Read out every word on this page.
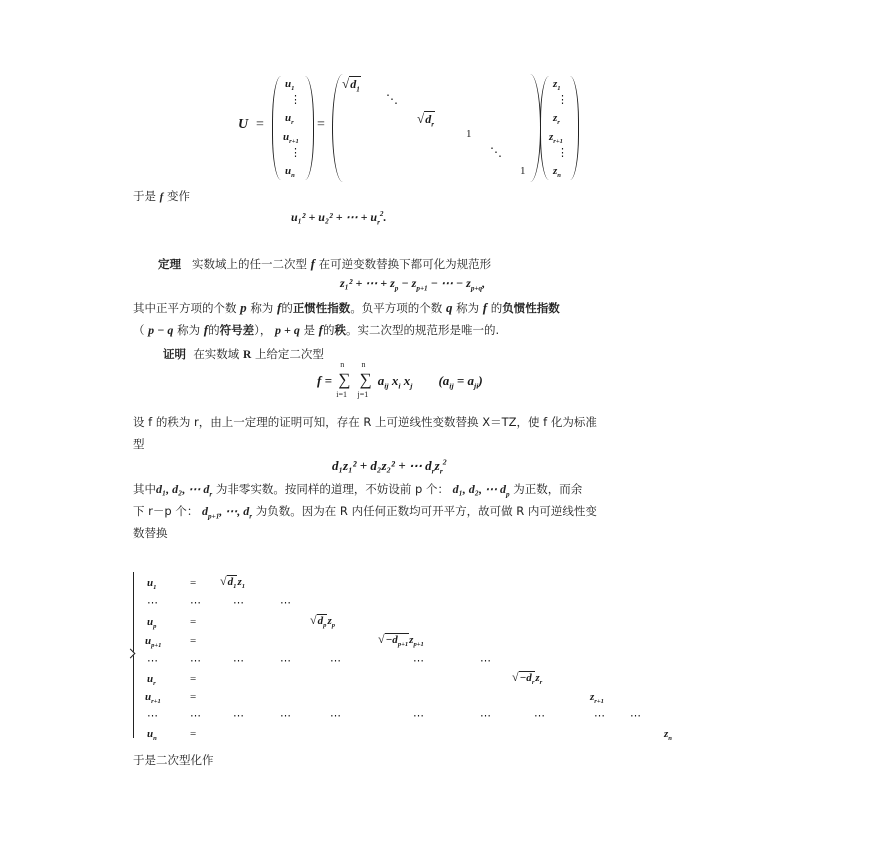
U =
$u_1$
⋮
$u_r$
$u_{r+1}$
⋮
$u_n$
=
$√d_1$
⋱
$√d_r$
1
⋱
1
$z_1$
⋮
$z_r$
$z_{r+1}$
⋮
$z_n$
于是 f 变作
u₁² + u₂² + ⋯ + $u_r^2$.
定理 实数域上的任一二次型 f 在可逆变数替换下都可化为规范形
z₁² + ⋯ + $z_p - z_{p+1}$ − ⋯ − $z_{p+q}$,
其中正平方项的个数 p 称为 f的正惯性指数。负平方项的个数 q 称为 f 的负惯性指数
（ p − q 称为 f的符号差）， p + q 是 f的秩。实二次型的规范形是唯一的.
证明 在实数域 R 上给定二次型
f =
n
∑
i=1

n
∑
j=1
$a_{ij}$ $x_i$ $x_j$ $(a_{ij} = a_{ji})$
设 f 的秩为 r，由上一定理的证明可知，存在 R 上可逆线性变数替换 X＝TZ，使 f 化为标准
型
d₁z₁² + d₂z₂² + ⋯ $d_rz_r^2$
其中d₁, d₂, ⋯ $d_r$ 为非零实数。按同样的道理，不妨设前 p 个： d₁, d₂, ⋯ $d_p$ 为正数，而余
下 r－p 个： $d_{p+1}$, ⋯, $d_r$ 为负数。因为在 R 内任何正数均可开平方，故可做 R 内可逆线性变
数替换
$u_1$	= $√d_1z_1$
⋯	⋯	⋯	⋯
$u_p$	=	$√d_pz_p$
$u_{p+1}$	=	$√-d_{p+1}z_{p+1}$
⋯	⋯	⋯	⋯	⋯	⋯	⋯
$u_r$	=	$√-d_rz_r$
$u_{r+1}$	=	$z_{r+1}$
⋯	⋯	⋯	⋯	⋯	⋯	⋯	⋯	⋯ ⋯
$u_n$	=	$z_n$
于是二次型化作
